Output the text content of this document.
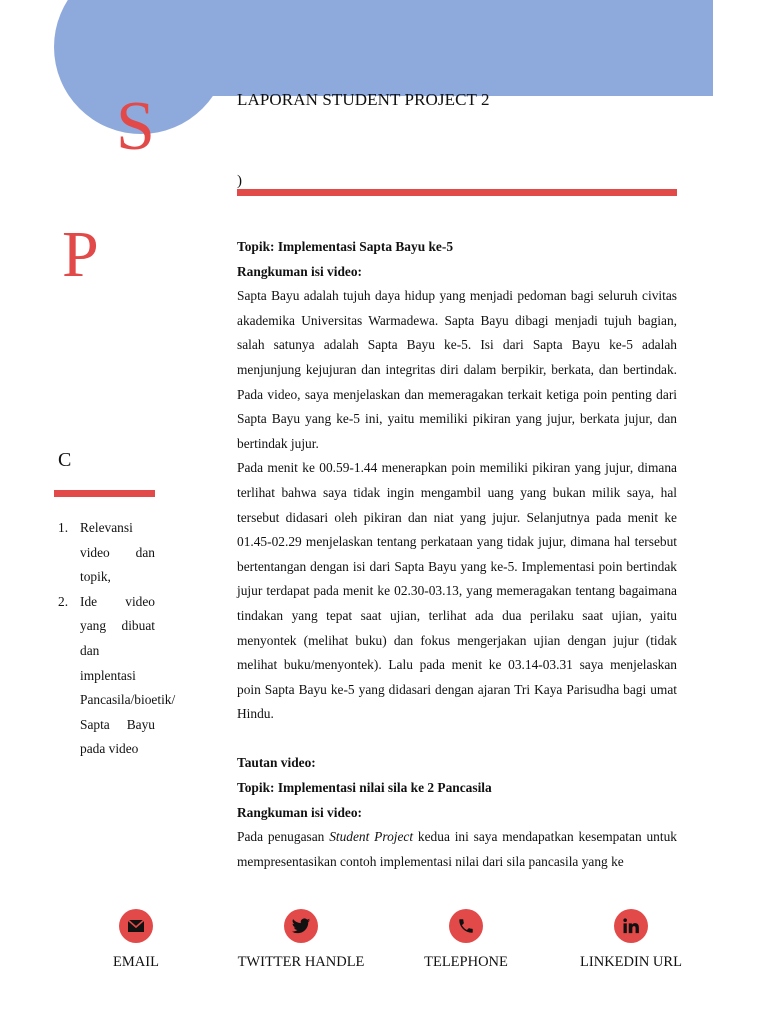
S
P
C
LAPORAN STUDENT PROJECT 2
)

Topik: Implementasi Sapta Bayu ke-5

Rangkuman isi video:

Sapta Bayu adalah tujuh daya hidup yang menjadi pedoman bagi seluruh civitas akademika Universitas Warmadewa. Sapta Bayu dibagi menjadi tujuh bagian, salah satunya adalah Sapta Bayu ke-5. Isi dari Sapta Bayu ke-5 adalah menjunjung kejujuran dan integritas diri dalam berpikir, berkata, dan bertindak. Pada video, saya menjelaskan dan memeragakan terkait ketiga poin penting dari Sapta Bayu yang ke-5 ini, yaitu memiliki pikiran yang jujur, berkata jujur, dan bertindak jujur.

Pada menit ke 00.59-1.44 menerapkan poin memiliki pikiran yang jujur, dimana terlihat bahwa saya tidak ingin mengambil uang yang bukan milik saya, hal tersebut didasari oleh pikiran dan niat yang jujur. Selanjutnya pada menit ke 01.45-02.29 menjelaskan tentang perkataan yang tidak jujur, dimana hal tersebut bertentangan dengan isi dari Sapta Bayu yang ke-5. Implementasi poin bertindak jujur terdapat pada menit ke 02.30-03.13, yang memeragakan tentang bagaimana tindakan yang tepat saat ujian, terlihat ada dua perilaku saat ujian, yaitu menyontek (melihat buku) dan fokus mengerjakan ujian dengan jujur (tidak melihat buku/menyontek). Lalu pada menit ke 03.14-03.31 saya menjelaskan poin Sapta Bayu ke-5 yang didasari dengan ajaran Tri Kaya Parisudha bagi umat Hindu.

Tautan video:

Topik: Implementasi nilai sila ke 2 Pancasila

Rangkuman isi video:

Pada penugasan Student Project kedua ini saya mendapatkan kesempatan untuk mempresentasikan contoh implementasi nilai dari sila pancasila yang ke

1. Relevansi video dan topik,
2. Ide video yang dibuat dan implentasi Pancasila/bioetik/ Sapta Bayu pada video
EMAIL	TWITTER HANDLE	TELEPHONE	LINKEDIN URL
